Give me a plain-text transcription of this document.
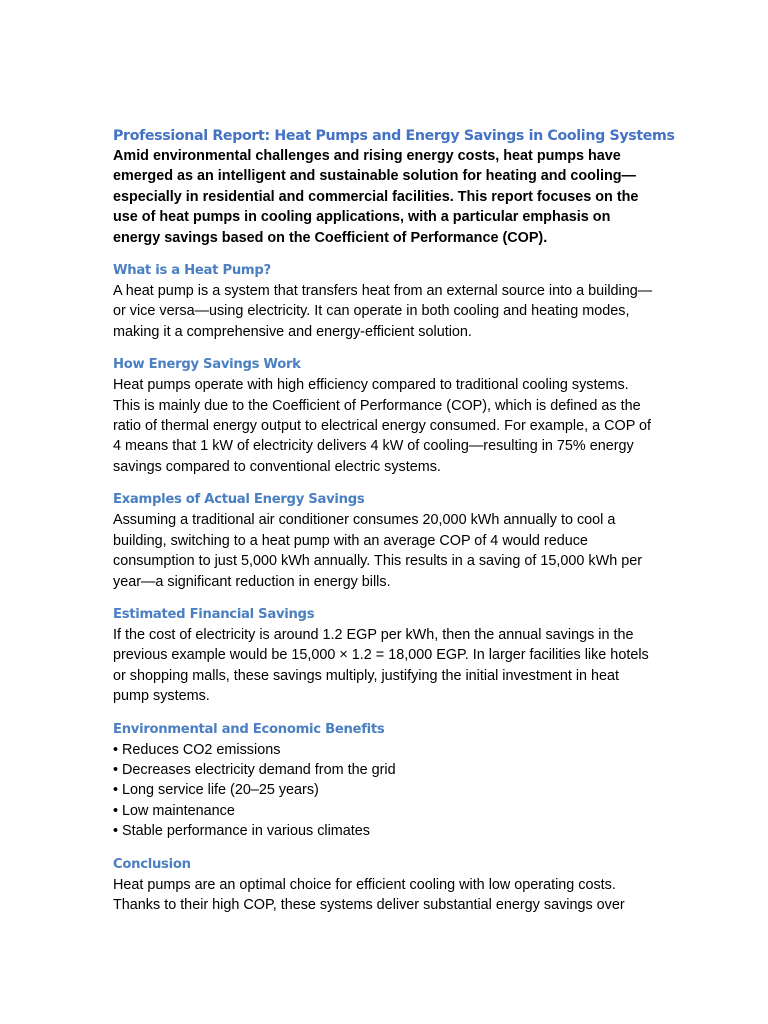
Professional Report: Heat Pumps and Energy Savings in Cooling Systems

Amid environmental challenges and rising energy costs, heat pumps have emerged as an intelligent and sustainable solution for heating and cooling—especially in residential and commercial facilities. This report focuses on the use of heat pumps in cooling applications, with a particular emphasis on energy savings based on the Coefficient of Performance (COP).

What is a Heat Pump?

A heat pump is a system that transfers heat from an external source into a building—or vice versa—using electricity. It can operate in both cooling and heating modes, making it a comprehensive and energy-efficient solution.

How Energy Savings Work

Heat pumps operate with high efficiency compared to traditional cooling systems. This is mainly due to the Coefficient of Performance (COP), which is defined as the ratio of thermal energy output to electrical energy consumed. For example, a COP of 4 means that 1 kW of electricity delivers 4 kW of cooling—resulting in 75% energy savings compared to conventional electric systems.

Examples of Actual Energy Savings

Assuming a traditional air conditioner consumes 20,000 kWh annually to cool a building, switching to a heat pump with an average COP of 4 would reduce consumption to just 5,000 kWh annually. This results in a saving of 15,000 kWh per year—a significant reduction in energy bills.

Estimated Financial Savings

If the cost of electricity is around 1.2 EGP per kWh, then the annual savings in the previous example would be 15,000 × 1.2 = 18,000 EGP. In larger facilities like hotels or shopping malls, these savings multiply, justifying the initial investment in heat pump systems.

Environmental and Economic Benefits
• Reduces CO2 emissions
• Decreases electricity demand from the grid
• Long service life (20–25 years)
• Low maintenance
• Stable performance in various climates
Conclusion

Heat pumps are an optimal choice for efficient cooling with low operating costs. Thanks to their high COP, these systems deliver substantial energy savings over
